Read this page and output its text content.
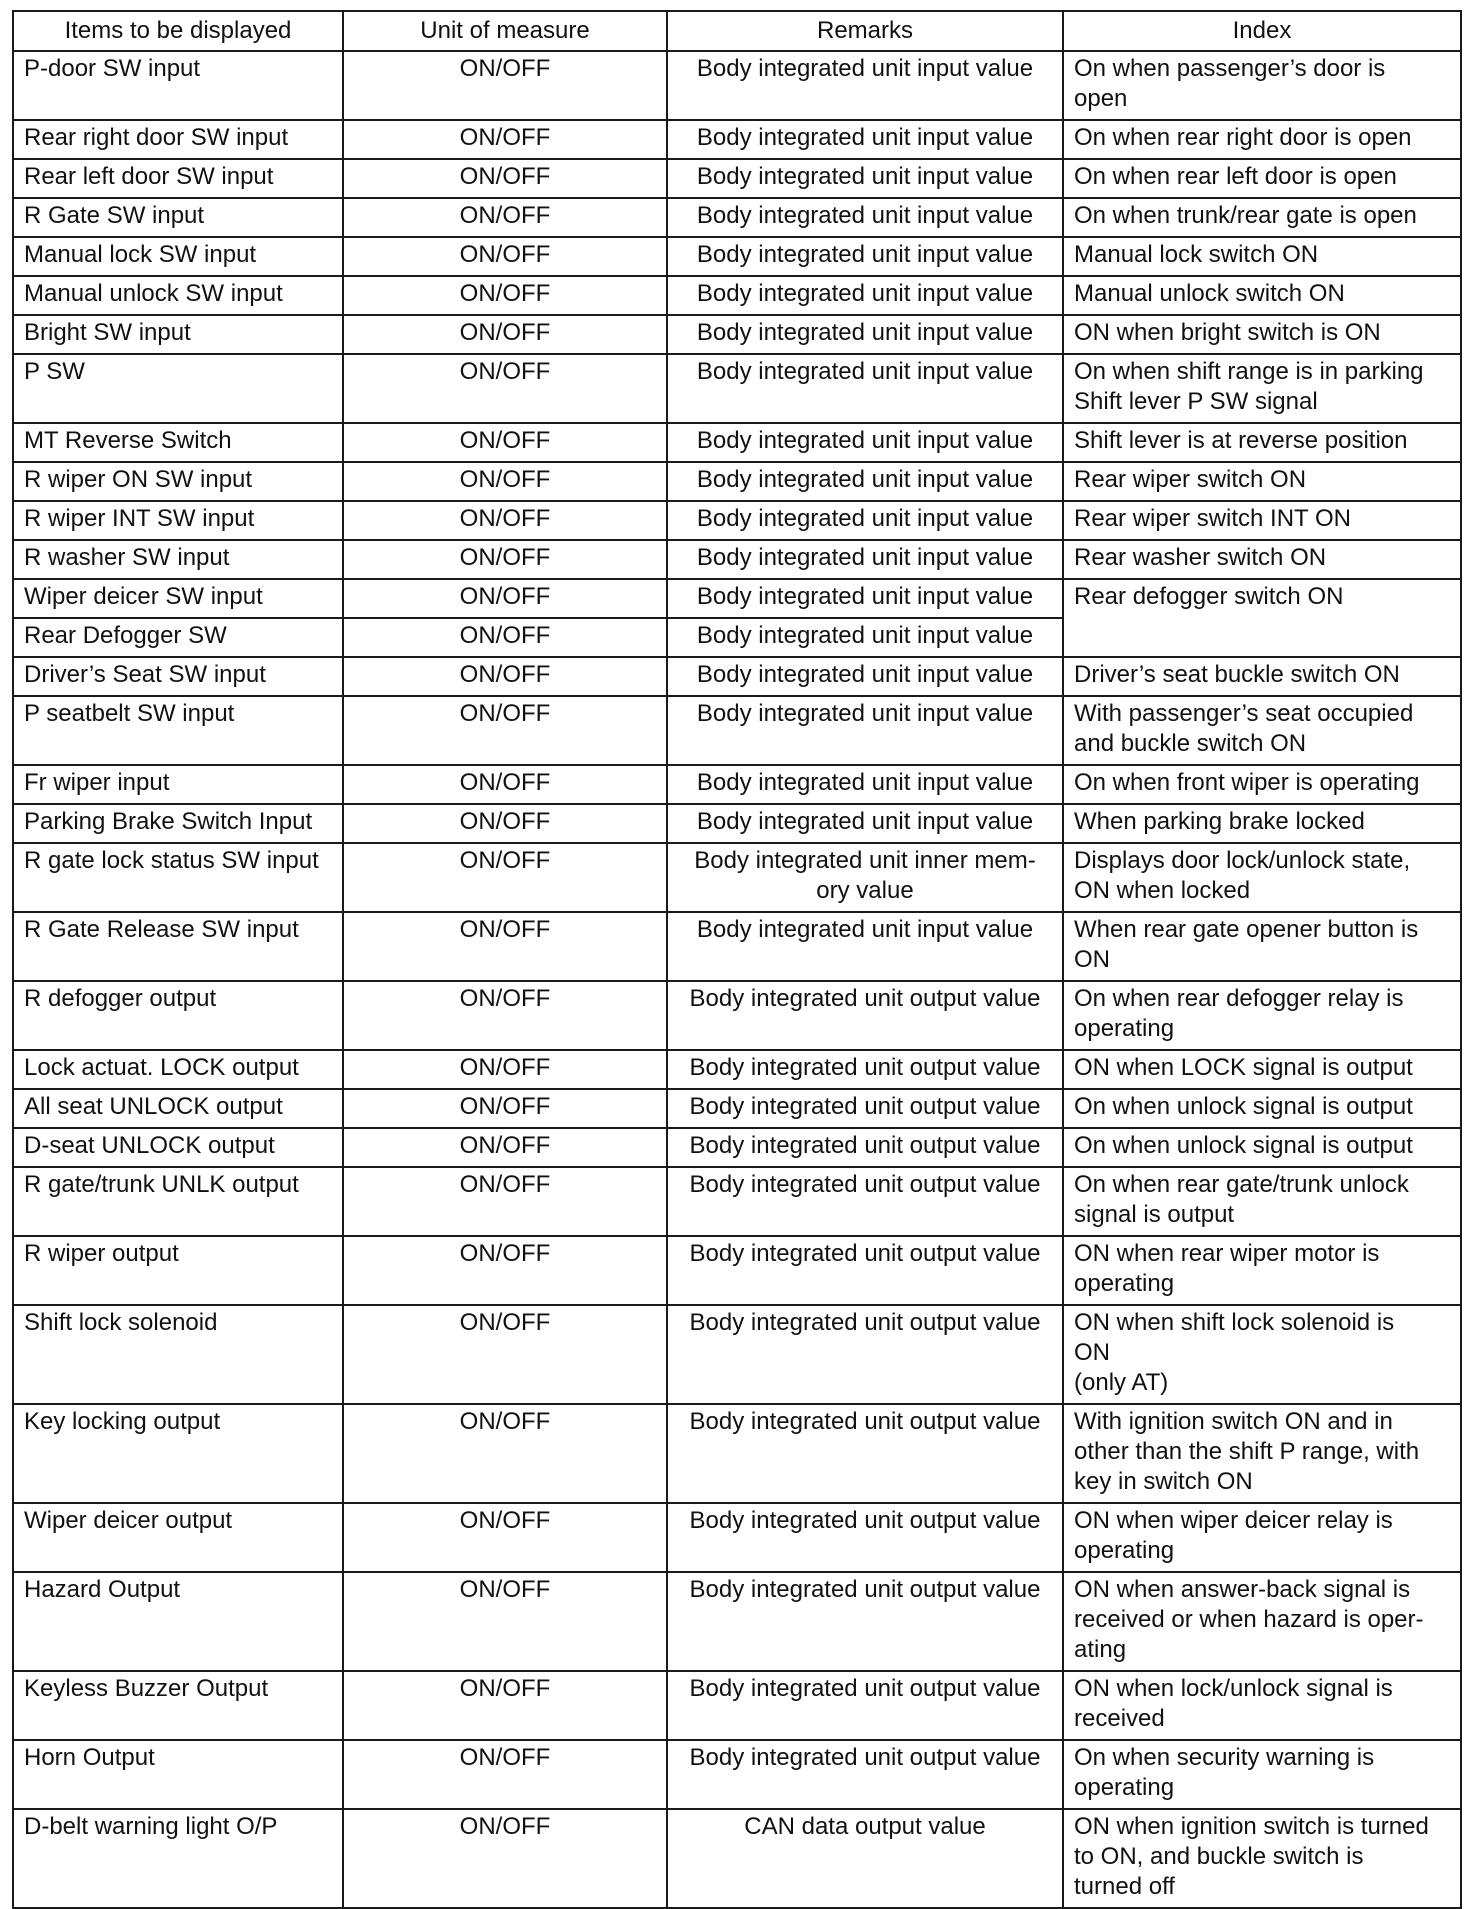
Items to be displayed	Unit of measure	Remarks	Index
P-door SW input	ON/OFF	Body integrated unit input value	On when passenger’s door is
open
Rear right door SW input	ON/OFF	Body integrated unit input value	On when rear right door is open
Rear left door SW input	ON/OFF	Body integrated unit input value	On when rear left door is open
R Gate SW input	ON/OFF	Body integrated unit input value	On when trunk/rear gate is open
Manual lock SW input	ON/OFF	Body integrated unit input value	Manual lock switch ON
Manual unlock SW input	ON/OFF	Body integrated unit input value	Manual unlock switch ON
Bright SW input	ON/OFF	Body integrated unit input value	ON when bright switch is ON
P SW	ON/OFF	Body integrated unit input value	On when shift range is in parking
Shift lever P SW signal
MT Reverse Switch	ON/OFF	Body integrated unit input value	Shift lever is at reverse position
R wiper ON SW input	ON/OFF	Body integrated unit input value	Rear wiper switch ON
R wiper INT SW input	ON/OFF	Body integrated unit input value	Rear wiper switch INT ON
R washer SW input	ON/OFF	Body integrated unit input value	Rear washer switch ON
Wiper deicer SW input	ON/OFF	Body integrated unit input value	Rear defogger switch ON
Rear Defogger SW	ON/OFF	Body integrated unit input value	
Driver’s Seat SW input	ON/OFF	Body integrated unit input value	Driver’s seat buckle switch ON
P seatbelt SW input	ON/OFF	Body integrated unit input value	With passenger’s seat occupied
and buckle switch ON
Fr wiper input	ON/OFF	Body integrated unit input value	On when front wiper is operating
Parking Brake Switch Input	ON/OFF	Body integrated unit input value	When parking brake locked
R gate lock status SW input	ON/OFF	Body integrated unit inner mem-
ory value	Displays door lock/unlock state,
ON when locked
R Gate Release SW input	ON/OFF	Body integrated unit input value	When rear gate opener button is
ON
R defogger output	ON/OFF	Body integrated unit output value	On when rear defogger relay is
operating
Lock actuat. LOCK output	ON/OFF	Body integrated unit output value	ON when LOCK signal is output
All seat UNLOCK output	ON/OFF	Body integrated unit output value	On when unlock signal is output
D-seat UNLOCK output	ON/OFF	Body integrated unit output value	On when unlock signal is output
R gate/trunk UNLK output	ON/OFF	Body integrated unit output value	On when rear gate/trunk unlock
signal is output
R wiper output	ON/OFF	Body integrated unit output value	ON when rear wiper motor is
operating
Shift lock solenoid	ON/OFF	Body integrated unit output value	ON when shift lock solenoid is
ON
(only AT)
Key locking output	ON/OFF	Body integrated unit output value	With ignition switch ON and in
other than the shift P range, with
key in switch ON
Wiper deicer output	ON/OFF	Body integrated unit output value	ON when wiper deicer relay is
operating
Hazard Output	ON/OFF	Body integrated unit output value	ON when answer-back signal is
received or when hazard is oper-
ating
Keyless Buzzer Output	ON/OFF	Body integrated unit output value	ON when lock/unlock signal is
received
Horn Output	ON/OFF	Body integrated unit output value	On when security warning is
operating
D-belt warning light O/P	ON/OFF	CAN data output value	ON when ignition switch is turned
to ON, and buckle switch is
turned off
